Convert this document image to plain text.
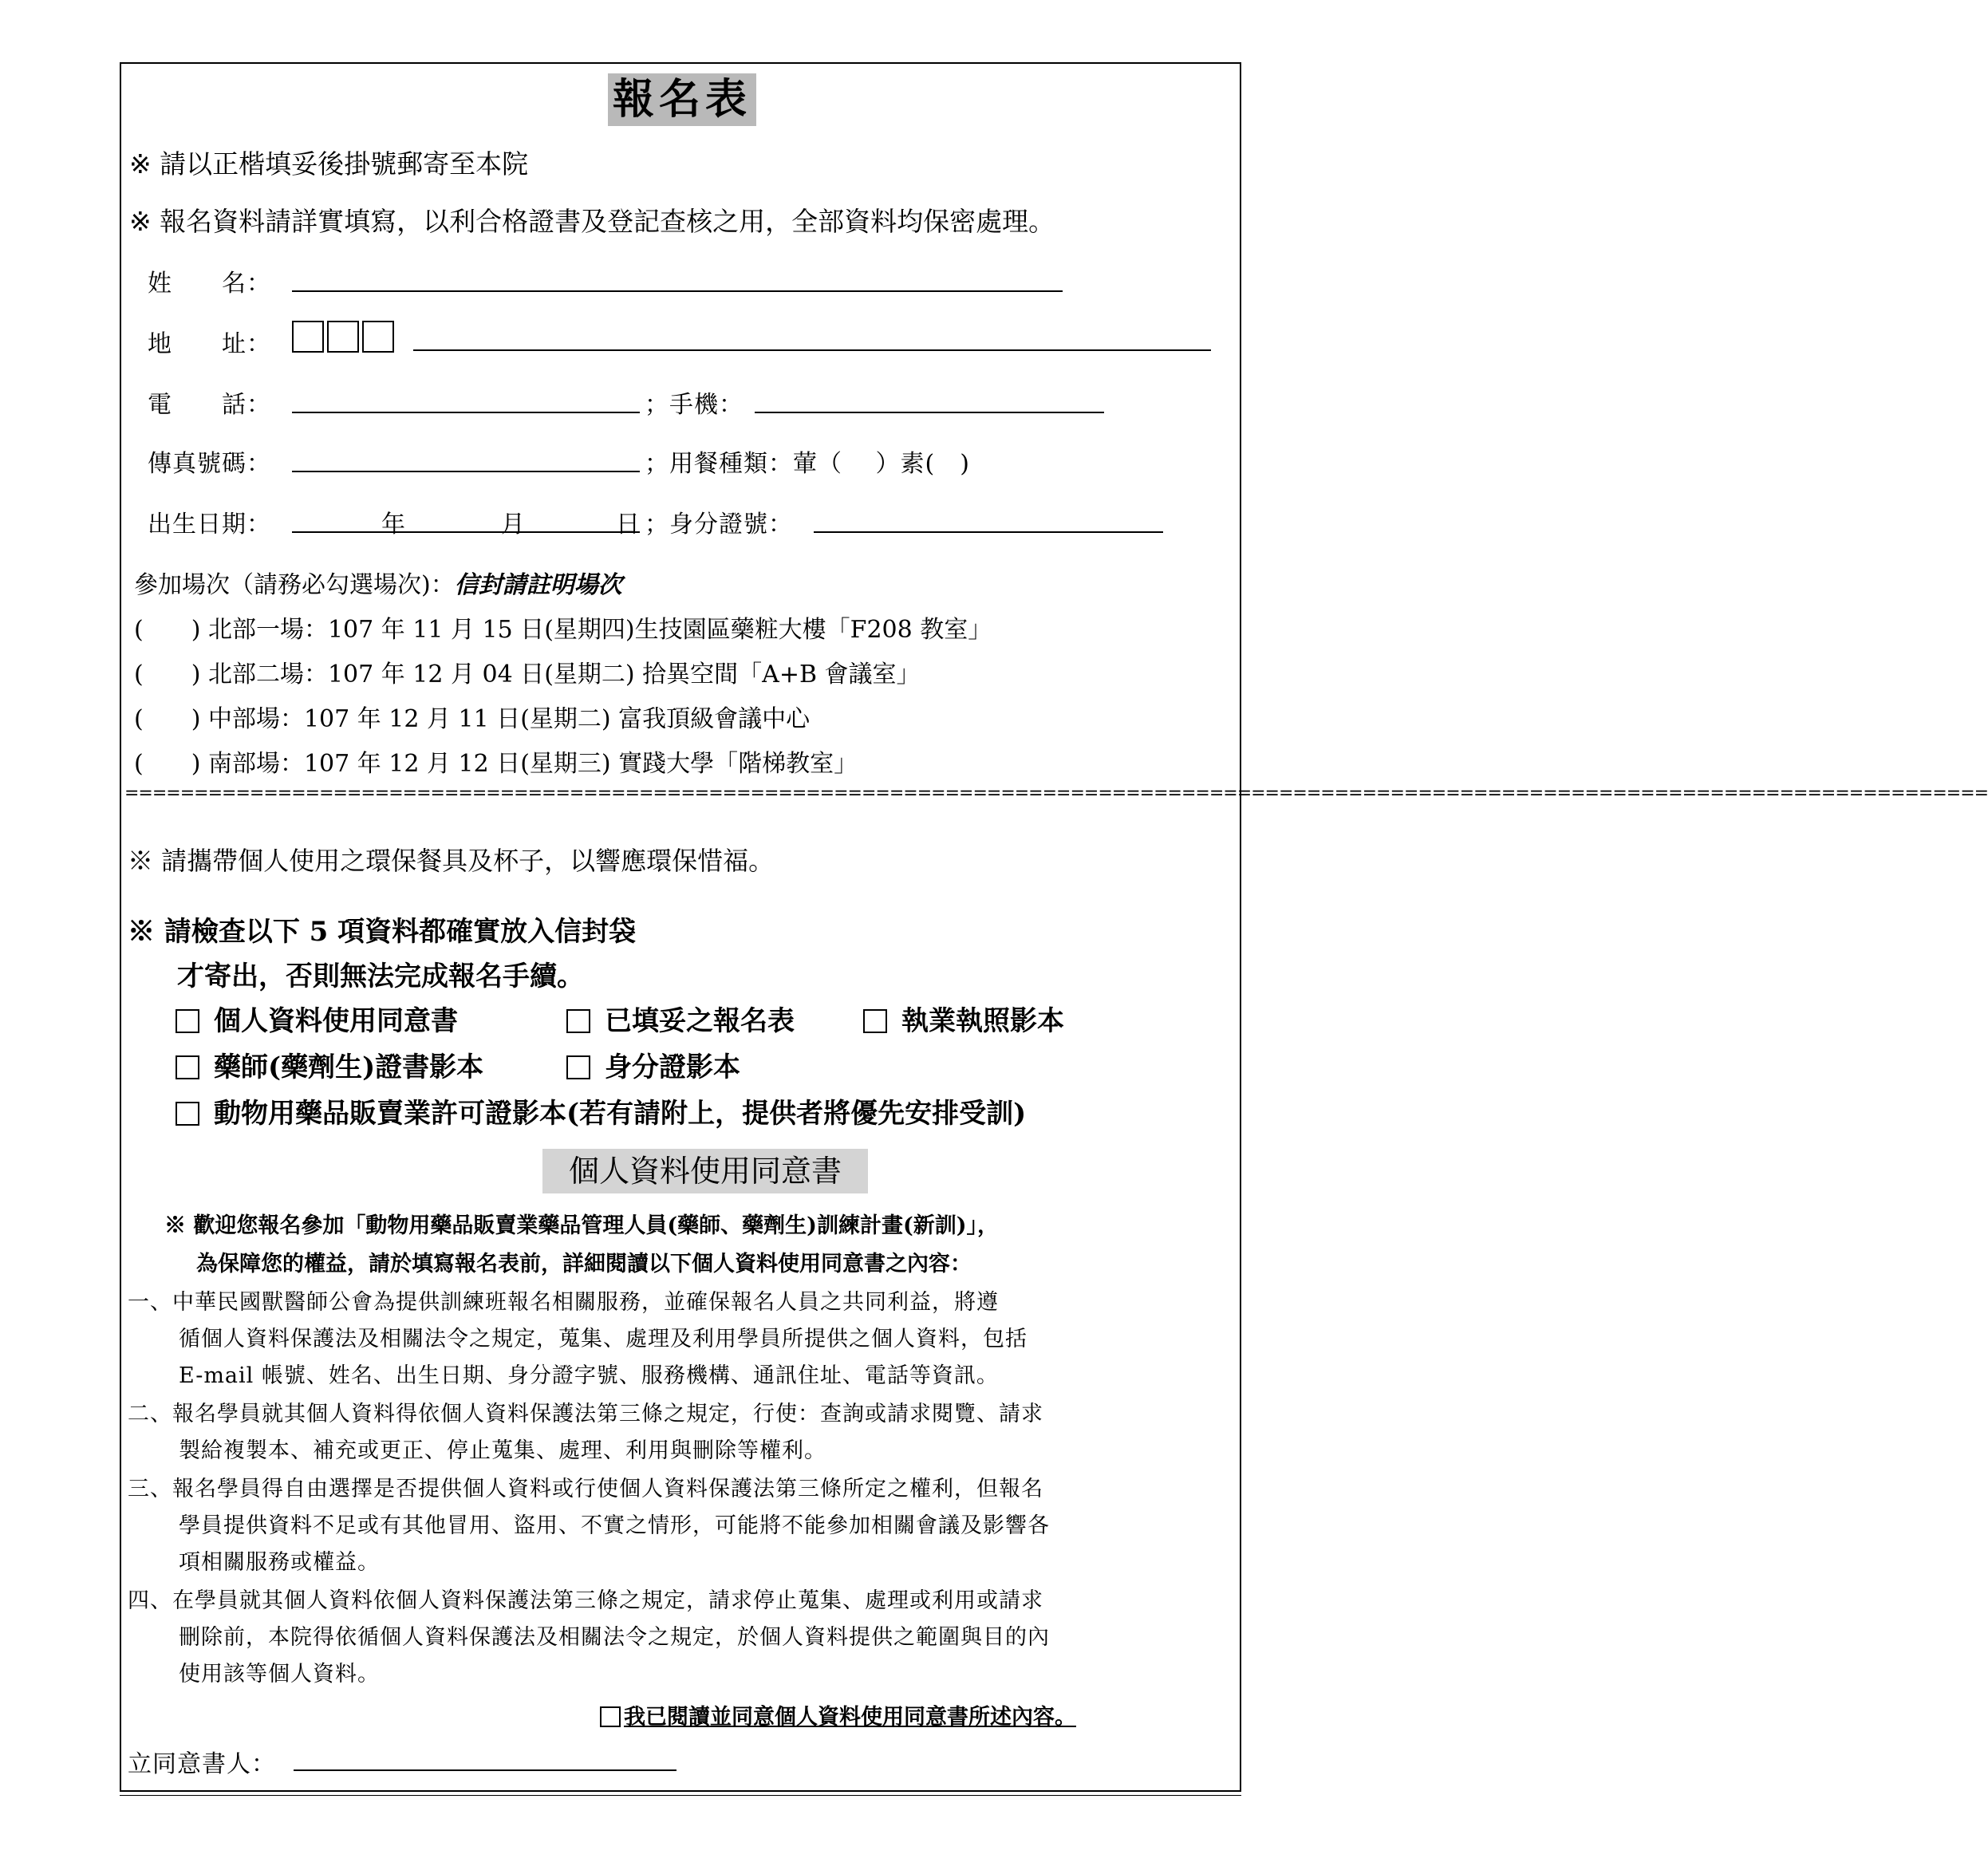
報名表
※ 請以正楷填妥後掛號郵寄至本院
※ 報名資料請詳實填寫，以利合格證書及登記查核之用，全部資料均保密處理。
姓　　名：
地　　址：
電　　話：	；手機：
傳真號碼：	；用餐種類：葷（　 ）素(　)
出生日期：	年	月	日 ；身分證號：
參加場次（請務必勾選場次)：信封請註明場次
(　　) 北部一場：107 年 11 月 15 日(星期四)生技園區藥粧大樓「F208 教室」
(　　) 北部二場：107 年 12 月 04 日(星期二) 拾異空間「A+B 會議室」
(　　) 中部場：107 年 12 月 11 日(星期二) 富我頂級會議中心
(　　) 南部場：107 年 12 月 12 日(星期三) 實踐大學「階梯教室」
======================================================================================================================================
※ 請攜帶個人使用之環保餐具及杯子，以響應環保惜福。
※ 請檢查以下 5 項資料都確實放入信封袋
才寄出，否則無法完成報名手續。
個人資料使用同意書	已填妥之報名表	執業執照影本
藥師(藥劑生)證書影本	身分證影本
動物用藥品販賣業許可證影本(若有請附上，提供者將優先安排受訓)
個人資料使用同意書
※ 歡迎您報名參加「動物用藥品販賣業藥品管理人員(藥師、藥劑生)訓練計畫(新訓)」，
為保障您的權益，請於填寫報名表前，詳細閱讀以下個人資料使用同意書之內容：
一、中華民國獸醫師公會為提供訓練班報名相關服務，並確保報名人員之共同利益，將遵
循個人資料保護法及相關法令之規定，蒐集、處理及利用學員所提供之個人資料，包括
E-mail 帳號、姓名、出生日期、身分證字號、服務機構、通訊住址、電話等資訊。
二、報名學員就其個人資料得依個人資料保護法第三條之規定，行使：查詢或請求閱覽、請求
製給複製本、補充或更正、停止蒐集、處理、利用與刪除等權利。
三、報名學員得自由選擇是否提供個人資料或行使個人資料保護法第三條所定之權利，但報名
學員提供資料不足或有其他冒用、盜用、不實之情形，可能將不能參加相關會議及影響各
項相關服務或權益。
四、在學員就其個人資料依個人資料保護法第三條之規定，請求停止蒐集、處理或利用或請求
刪除前，本院得依循個人資料保護法及相關法令之規定，於個人資料提供之範圍與目的內
使用該等個人資料。
我已閱讀並同意個人資料使用同意書所述內容。
立同意書人：
